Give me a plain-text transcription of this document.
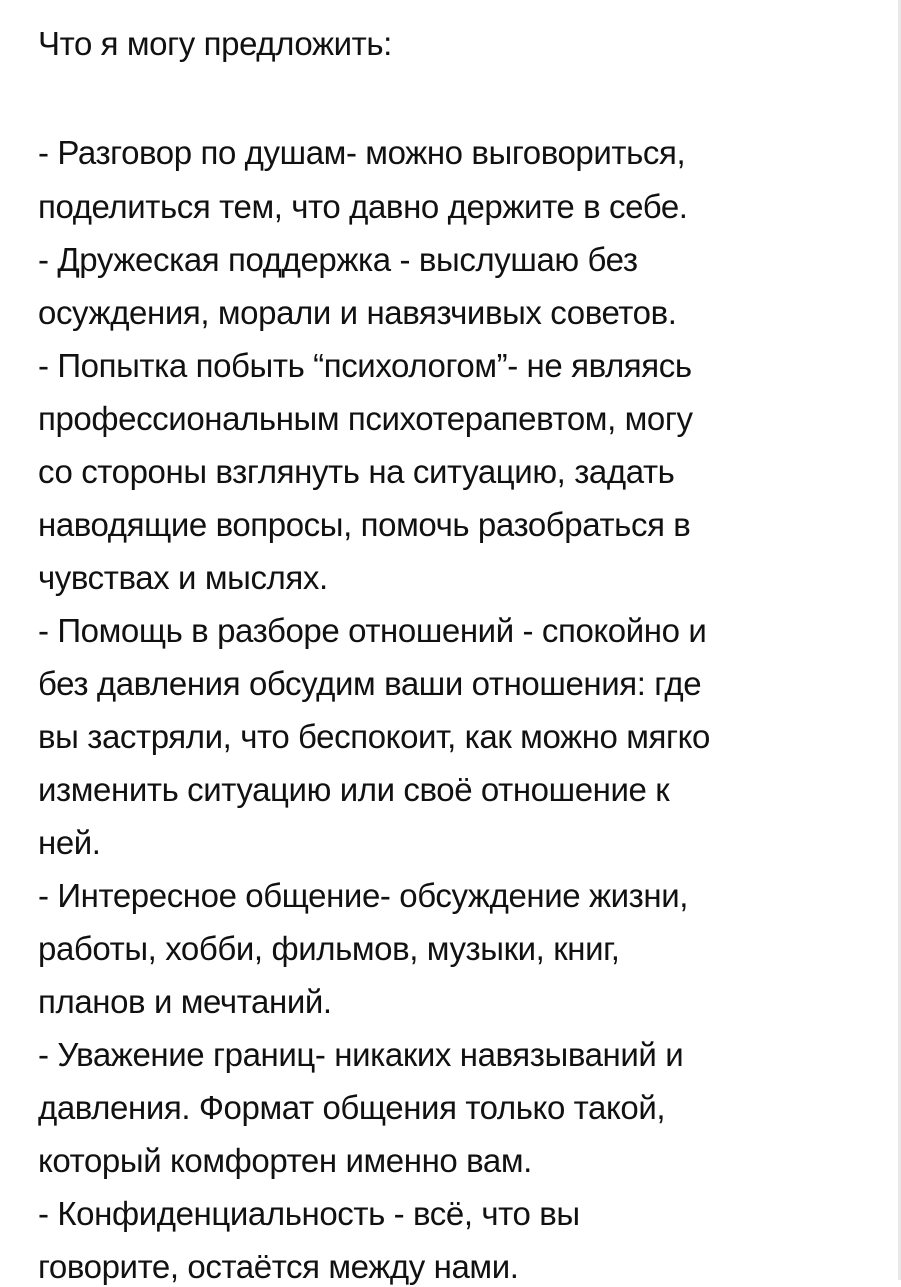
Что я могу предложить:
- Разговор по душам- можно выговориться,
поделиться тем, что давно держите в себе.
- Дружеская поддержка - выслушаю без
осуждения, морали и навязчивых советов.
- Попытка побыть “психологом”- не являясь
профессиональным психотерапевтом, могу
со стороны взглянуть на ситуацию, задать
наводящие вопросы, помочь разобраться в
чувствах и мыслях.
- Помощь в разборе отношений - спокойно и
без давления обсудим ваши отношения: где
вы застряли, что беспокоит, как можно мягко
изменить ситуацию или своё отношение к
ней.
- Интересное общение- обсуждение жизни,
работы, хобби, фильмов, музыки, книг,
планов и мечтаний.
- Уважение границ- никаких навязываний и
давления. Формат общения только такой,
который комфортен именно вам.
- Конфиденциальность - всё, что вы
говорите, остаётся между нами.
